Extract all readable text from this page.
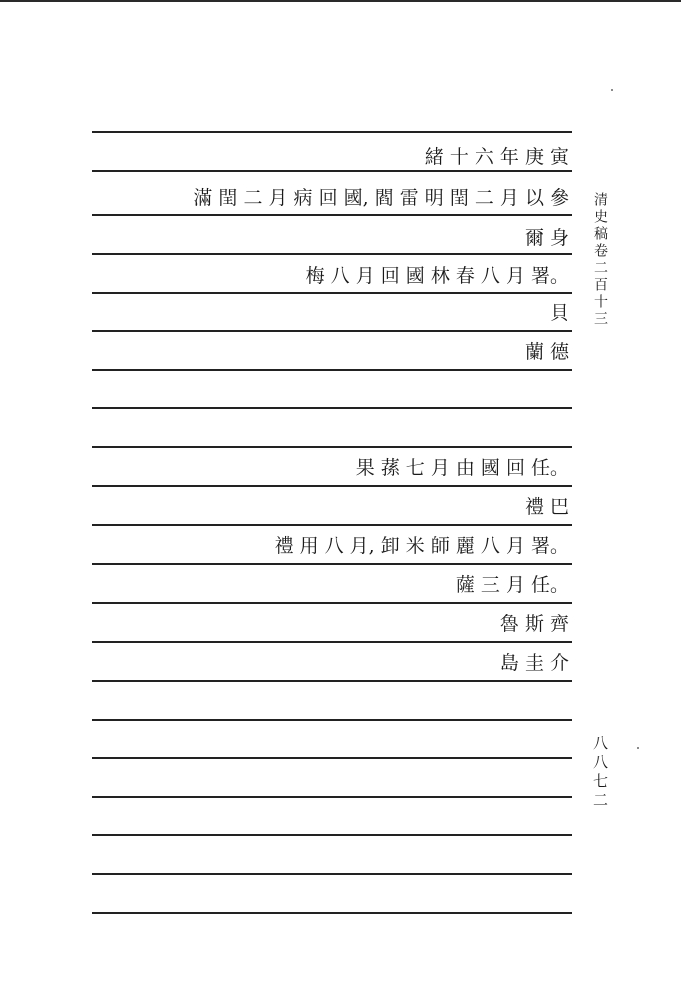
緒 十 六 年 庚 寅
滿 閏 二 月 病 回 國, 閻 雷 明 閏 二 月 以 參
爾 身
梅 八 月 回 國 林 春 八 月 署。
貝
蘭 德
果 蓀 七 月 由 國 回 任。
禮 巴
禮 用 八 月, 卸 米 師 麗 八 月 署。
薩 三 月 任。
魯 斯 齊
島 圭 介
清史稿卷二百十三
八八七二
